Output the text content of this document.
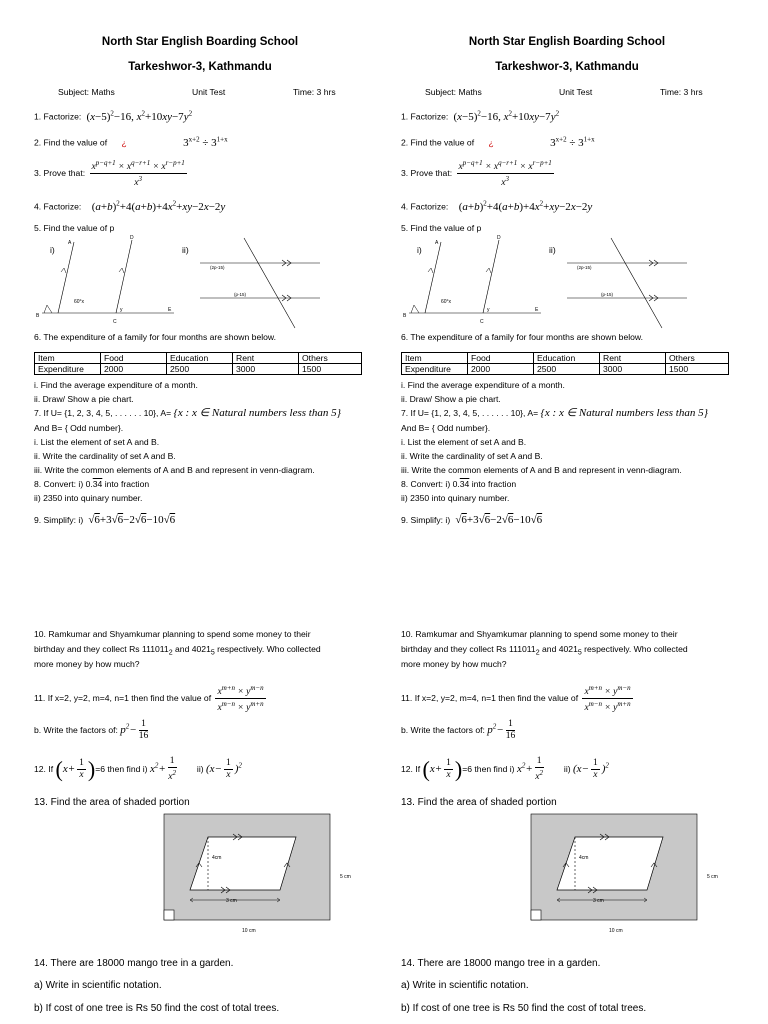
North Star English Boarding School
Tarkeshwor-3, Kathmandu
Subject: Maths	Unit Test	Time: 3 hrs
1. Factorize:  $(x-5)^2-16$, $x^2+10xy-7y^2$
2. Find the value of ¿	$3^{x+2} \div 3^{1+x}$
3. Prove that: $\frac{x^{p-q+1} \times x^{q-r+1} \times x^{r-p+1}}{x^3}$
4. Factorize: $(a+b)^2+4(a+b)+4x^2+xy-2x-2y$
5. Find the value of p
i)	ii)
A
D
B
C
E
60°x
y
(2p-15)
(p-15)
6. The expenditure of a family for four months are shown below.
Item	Food	Education	Rent	Others
Expenditure	2000	2500	3000	1500
i. Find the average expenditure of a month.
ii. Draw/ Show a pie chart.
7. If U= {1, 2, 3, 4, 5, . . . . . . 10}, A= {x : x ∈ Natural numbers less than 5}
And B= { Odd number}.
i. List the element of set A and B.
ii. Write the cardinality of set A and B.
iii. Write the common elements of A and B and represent in venn-diagram.
8. Convert: i) 0.34 into fraction
ii) 2350 into quinary number.
9. Simplify: i)  √6+3√6−2√6−10√6
10. Ramkumar and Shyamkumar planning to spend some money to their
birthday and they collect Rs $111011_2$ and $4021_5$ respectively. Who collected
more money by how much?
11. If x=2, y=2, m=4, n=1 then find the value of $\frac{x^{m+n} \times y^{m-n}}{x^{m-n} \times y^{m+n}}$
b. Write the factors of: $p^2- \frac{1}{16}$
12. If $(x+ \frac{1}{x} )=6$ then find i) $x^2+ \frac{1}{x^2} ii$) $(x- \frac{1}{x} )^2$
13. Find the area of shaded portion
4cm
3 cm
5 cm
10 cm
14. There are 18000 mango tree in a garden.
a) Write in scientific notation.
b) If cost of one tree is Rs 50 find the cost of total trees.
North Star English Boarding School
Tarkeshwor-3, Kathmandu
Subject: Maths	Unit Test	Time: 3 hrs
1. Factorize:  $(x-5)^2-16$, $x^2+10xy-7y^2$
2. Find the value of ¿	$3^{x+2} \div 3^{1+x}$
3. Prove that: $\frac{x^{p-q+1} \times x^{q-r+1} \times x^{r-p+1}}{x^3}$
4. Factorize: $(a+b)^2+4(a+b)+4x^2+xy-2x-2y$
5. Find the value of p
i)	ii)
A
D
B
C
E
60°x
y
(2p-15)
(p-15)
6. The expenditure of a family for four months are shown below.
Item	Food	Education	Rent	Others
Expenditure	2000	2500	3000	1500
i. Find the average expenditure of a month.
ii. Draw/ Show a pie chart.
7. If U= {1, 2, 3, 4, 5, . . . . . . 10}, A= {x : x ∈ Natural numbers less than 5}
And B= { Odd number}.
i. List the element of set A and B.
ii. Write the cardinality of set A and B.
iii. Write the common elements of A and B and represent in venn-diagram.
8. Convert: i) 0.34 into fraction
ii) 2350 into quinary number.
9. Simplify: i)  √6+3√6−2√6−10√6
10. Ramkumar and Shyamkumar planning to spend some money to their
birthday and they collect Rs $111011_2$ and $4021_5$ respectively. Who collected
more money by how much?
11. If x=2, y=2, m=4, n=1 then find the value of $\frac{x^{m+n} \times y^{m-n}}{x^{m-n} \times y^{m+n}}$
b. Write the factors of: $p^2- \frac{1}{16}$
12. If $(x+ \frac{1}{x} )=6$ then find i) $x^2+ \frac{1}{x^2} ii$) $(x- \frac{1}{x} )^2$
13. Find the area of shaded portion
4cm
3 cm
5 cm
10 cm
14. There are 18000 mango tree in a garden.
a) Write in scientific notation.
b) If cost of one tree is Rs 50 find the cost of total trees.
